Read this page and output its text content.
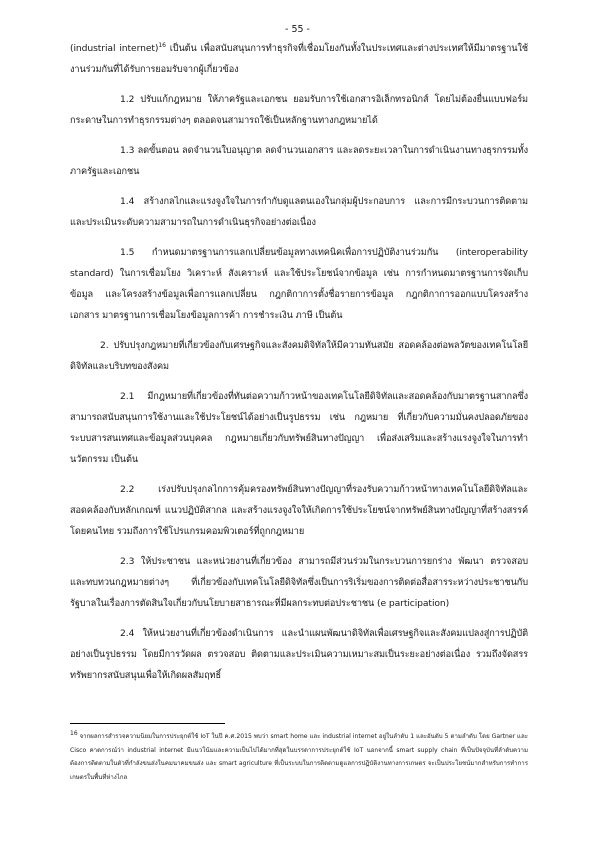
- 55 -

(industrial internet)$^{16}$ เป็นต้น เพื่อสนับสนุนการทำธุรกิจที่เชื่อมโยงกันทั้งในประเทศและต่างประเทศให้มีมาตรฐานใช้งานร่วมกันที่ได้รับการยอมรับจากผู้เกี่ยวข้อง

1.2 ปรับแก้กฎหมาย ให้ภาครัฐและเอกชน ยอมรับการใช้เอกสารอิเล็กทรอนิกส์ โดยไม่ต้องยื่นแบบฟอร์มกระดาษในการทำธุรกรรมต่างๆ ตลอดจนสามารถใช้เป็นหลักฐานทางกฎหมายได้

1.3 ลดขั้นตอน ลดจำนวนใบอนุญาต ลดจำนวนเอกสาร และลดระยะเวลาในการดำเนินงานทางธุรกรรมทั้งภาครัฐและเอกชน

1.4 สร้างกลไกและแรงจูงใจในการกำกับดูแลตนเองในกลุ่มผู้ประกอบการ และการมีกระบวนการติดตามและประเมินระดับความสามารถในการดำเนินธุรกิจอย่างต่อเนื่อง

1.5 กำหนดมาตรฐานการแลกเปลี่ยนข้อมูลทางเทคนิคเพื่อการปฏิบัติงานร่วมกัน (interoperability standard) ในการเชื่อมโยง วิเคราะห์ สังเคราะห์ และใช้ประโยชน์จากข้อมูล เช่น การกำหนดมาตรฐานการจัดเก็บข้อมูล และโครงสร้างข้อมูลเพื่อการแลกเปลี่ยน กฎกติกาการตั้งชื่อรายการข้อมูล กฎกติกาการออกแบบโครงสร้างเอกสาร มาตรฐานการเชื่อมโยงข้อมูลการค้า การชำระเงิน ภาษี เป็นต้น

2. ปรับปรุงกฎหมายที่เกี่ยวข้องกับเศรษฐกิจและสังคมดิจิทัลให้มีความทันสมัย สอดคล้องต่อพลวัตของเทคโนโลยีดิจิทัลและบริบทของสังคม

2.1 มีกฎหมายที่เกี่ยวข้องที่ทันต่อความก้าวหน้าของเทคโนโลยีดิจิทัลและสอดคล้องกับมาตรฐานสากลซึ่งสามารถสนับสนุนการใช้งานและใช้ประโยชน์ได้อย่างเป็นรูปธรรม เช่น กฎหมาย ที่เกี่ยวกับความมั่นคงปลอดภัยของระบบสารสนเทศและข้อมูลส่วนบุคคล กฎหมายเกี่ยวกับทรัพย์สินทางปัญญา เพื่อส่งเสริมและสร้างแรงจูงใจในการทำนวัตกรรม เป็นต้น

2.2 เร่งปรับปรุงกลไกการคุ้มครองทรัพย์สินทางปัญญาที่รองรับความก้าวหน้าทางเทคโนโลยีดิจิทัลและสอดคล้องกับหลักเกณฑ์ แนวปฏิบัติสากล และสร้างแรงจูงใจให้เกิดการใช้ประโยชน์จากทรัพย์สินทางปัญญาที่สร้างสรรค์โดยคนไทย รวมถึงการใช้โปรแกรมคอมพิวเตอร์ที่ถูกกฎหมาย

2.3 ให้ประชาชน และหน่วยงานที่เกี่ยวข้อง สามารถมีส่วนร่วมในกระบวนการยกร่าง พัฒนา ตรวจสอบ และทบทวนกฎหมายต่างๆ ที่เกี่ยวข้องกับเทคโนโลยีดิจิทัลซึ่งเป็นการริเริ่มของการติดต่อสื่อสารระหว่างประชาชนกับรัฐบาลในเรื่องการตัดสินใจเกี่ยวกับนโยบายสาธารณะที่มีผลกระทบต่อประชาชน (e participation)

2.4 ให้หน่วยงานที่เกี่ยวข้องดำเนินการ และนำแผนพัฒนาดิจิทัลเพื่อเศรษฐกิจและสังคมแปลงสู่การปฏิบัติอย่างเป็นรูปธรรม โดยมีการวัดผล ตรวจสอบ ติดตามและประเมินความเหมาะสมเป็นระยะอย่างต่อเนื่อง รวมถึงจัดสรรทรัพยากรสนับสนุนเพื่อให้เกิดผลสัมฤทธิ์

$^{16}$ จากผลการสำรวจความนิยมในการประยุกต์ใช้ IoT ในปี ค.ศ.2015 พบว่า smart home และ industrial internet อยู่ในลำดับ 1 และอันดับ 5 ตามลำดับ โดย Gartner และ Cisco คาดการณ์ว่า industrial internet มีแนวโน้มและความเป็นไปได้มากที่สุดในบรรดาการประยุกต์ใช้ IoT นอกจากนี้ smart supply chain ที่เป็นปัจจุบันที่ลำดับความต้องการติดตามในตัวที่กำลังขนส่งในคมนาคมขนส่ง และ smart agriculture ที่เป็นระบบในการติดตามดูแลการปฏิบัติงานทางการเกษตร จะเป็นประโยชน์มากสำหรับการทำการเกษตรในพื้นที่ห่างไกล
